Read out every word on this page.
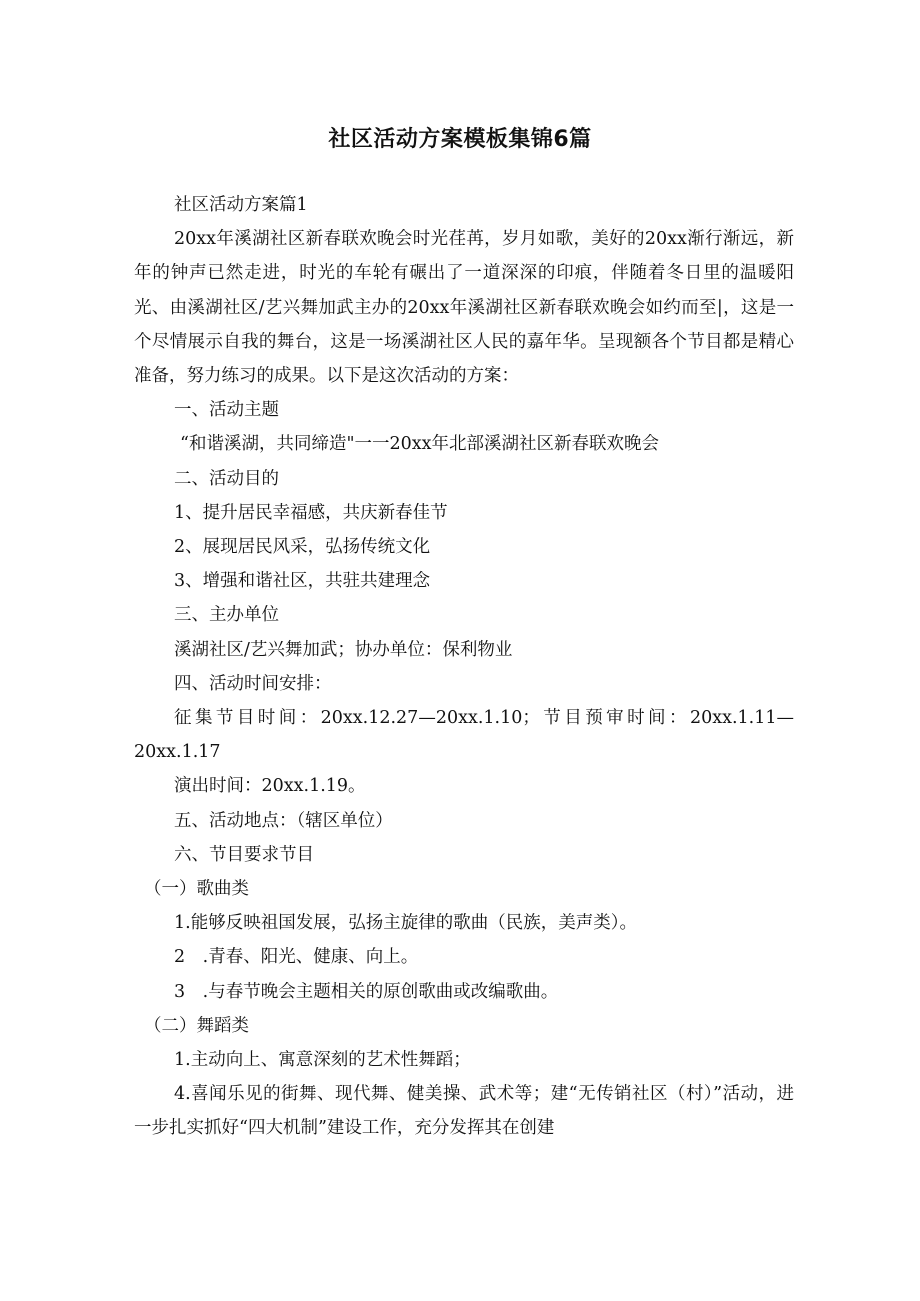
社区活动方案模板集锦6篇

社区活动方案篇1

20xx年溪湖社区新春联欢晚会时光荏苒，岁月如歌，美好的20xx渐行渐远，新年的钟声已然走进，时光的车轮有碾出了一道深深的印痕，伴随着冬日里的温暖阳光、由溪湖社区/艺兴舞加武主办的20xx年溪湖社区新春联欢晚会如约而至|，这是一个尽情展示自我的舞台，这是一场溪湖社区人民的嘉年华。呈现额各个节目都是精心准备，努力练习的成果。以下是这次活动的方案：

一、活动主题

“和谐溪湖，共同缔造"一一20xx年北部溪湖社区新春联欢晚会

二、活动目的

1、提升居民幸福感，共庆新春佳节

2、展现居民风采，弘扬传统文化

3、增强和谐社区，共驻共建理念

三、主办单位

溪湖社区/艺兴舞加武；协办单位：保利物业

四、活动时间安排：

征集节目时间：20xx.12.27—20xx.1.10；节目预审时间：20xx.1.11—20xx.1.17

演出时间：20xx.1.19。

五、活动地点：（辖区单位）

六、节目要求节目

（一）歌曲类

1.能够反映祖国发展，弘扬主旋律的歌曲（民族，美声类）。

2　.青春、阳光、健康、向上。

3　.与春节晚会主题相关的原创歌曲或改编歌曲。

（二）舞蹈类

1.主动向上、寓意深刻的艺术性舞蹈；

4.喜闻乐见的街舞、现代舞、健美操、武术等；建“无传销社区（村）”活动，进一步扎实抓好“四大机制”建设工作，充分发挥其在创建
